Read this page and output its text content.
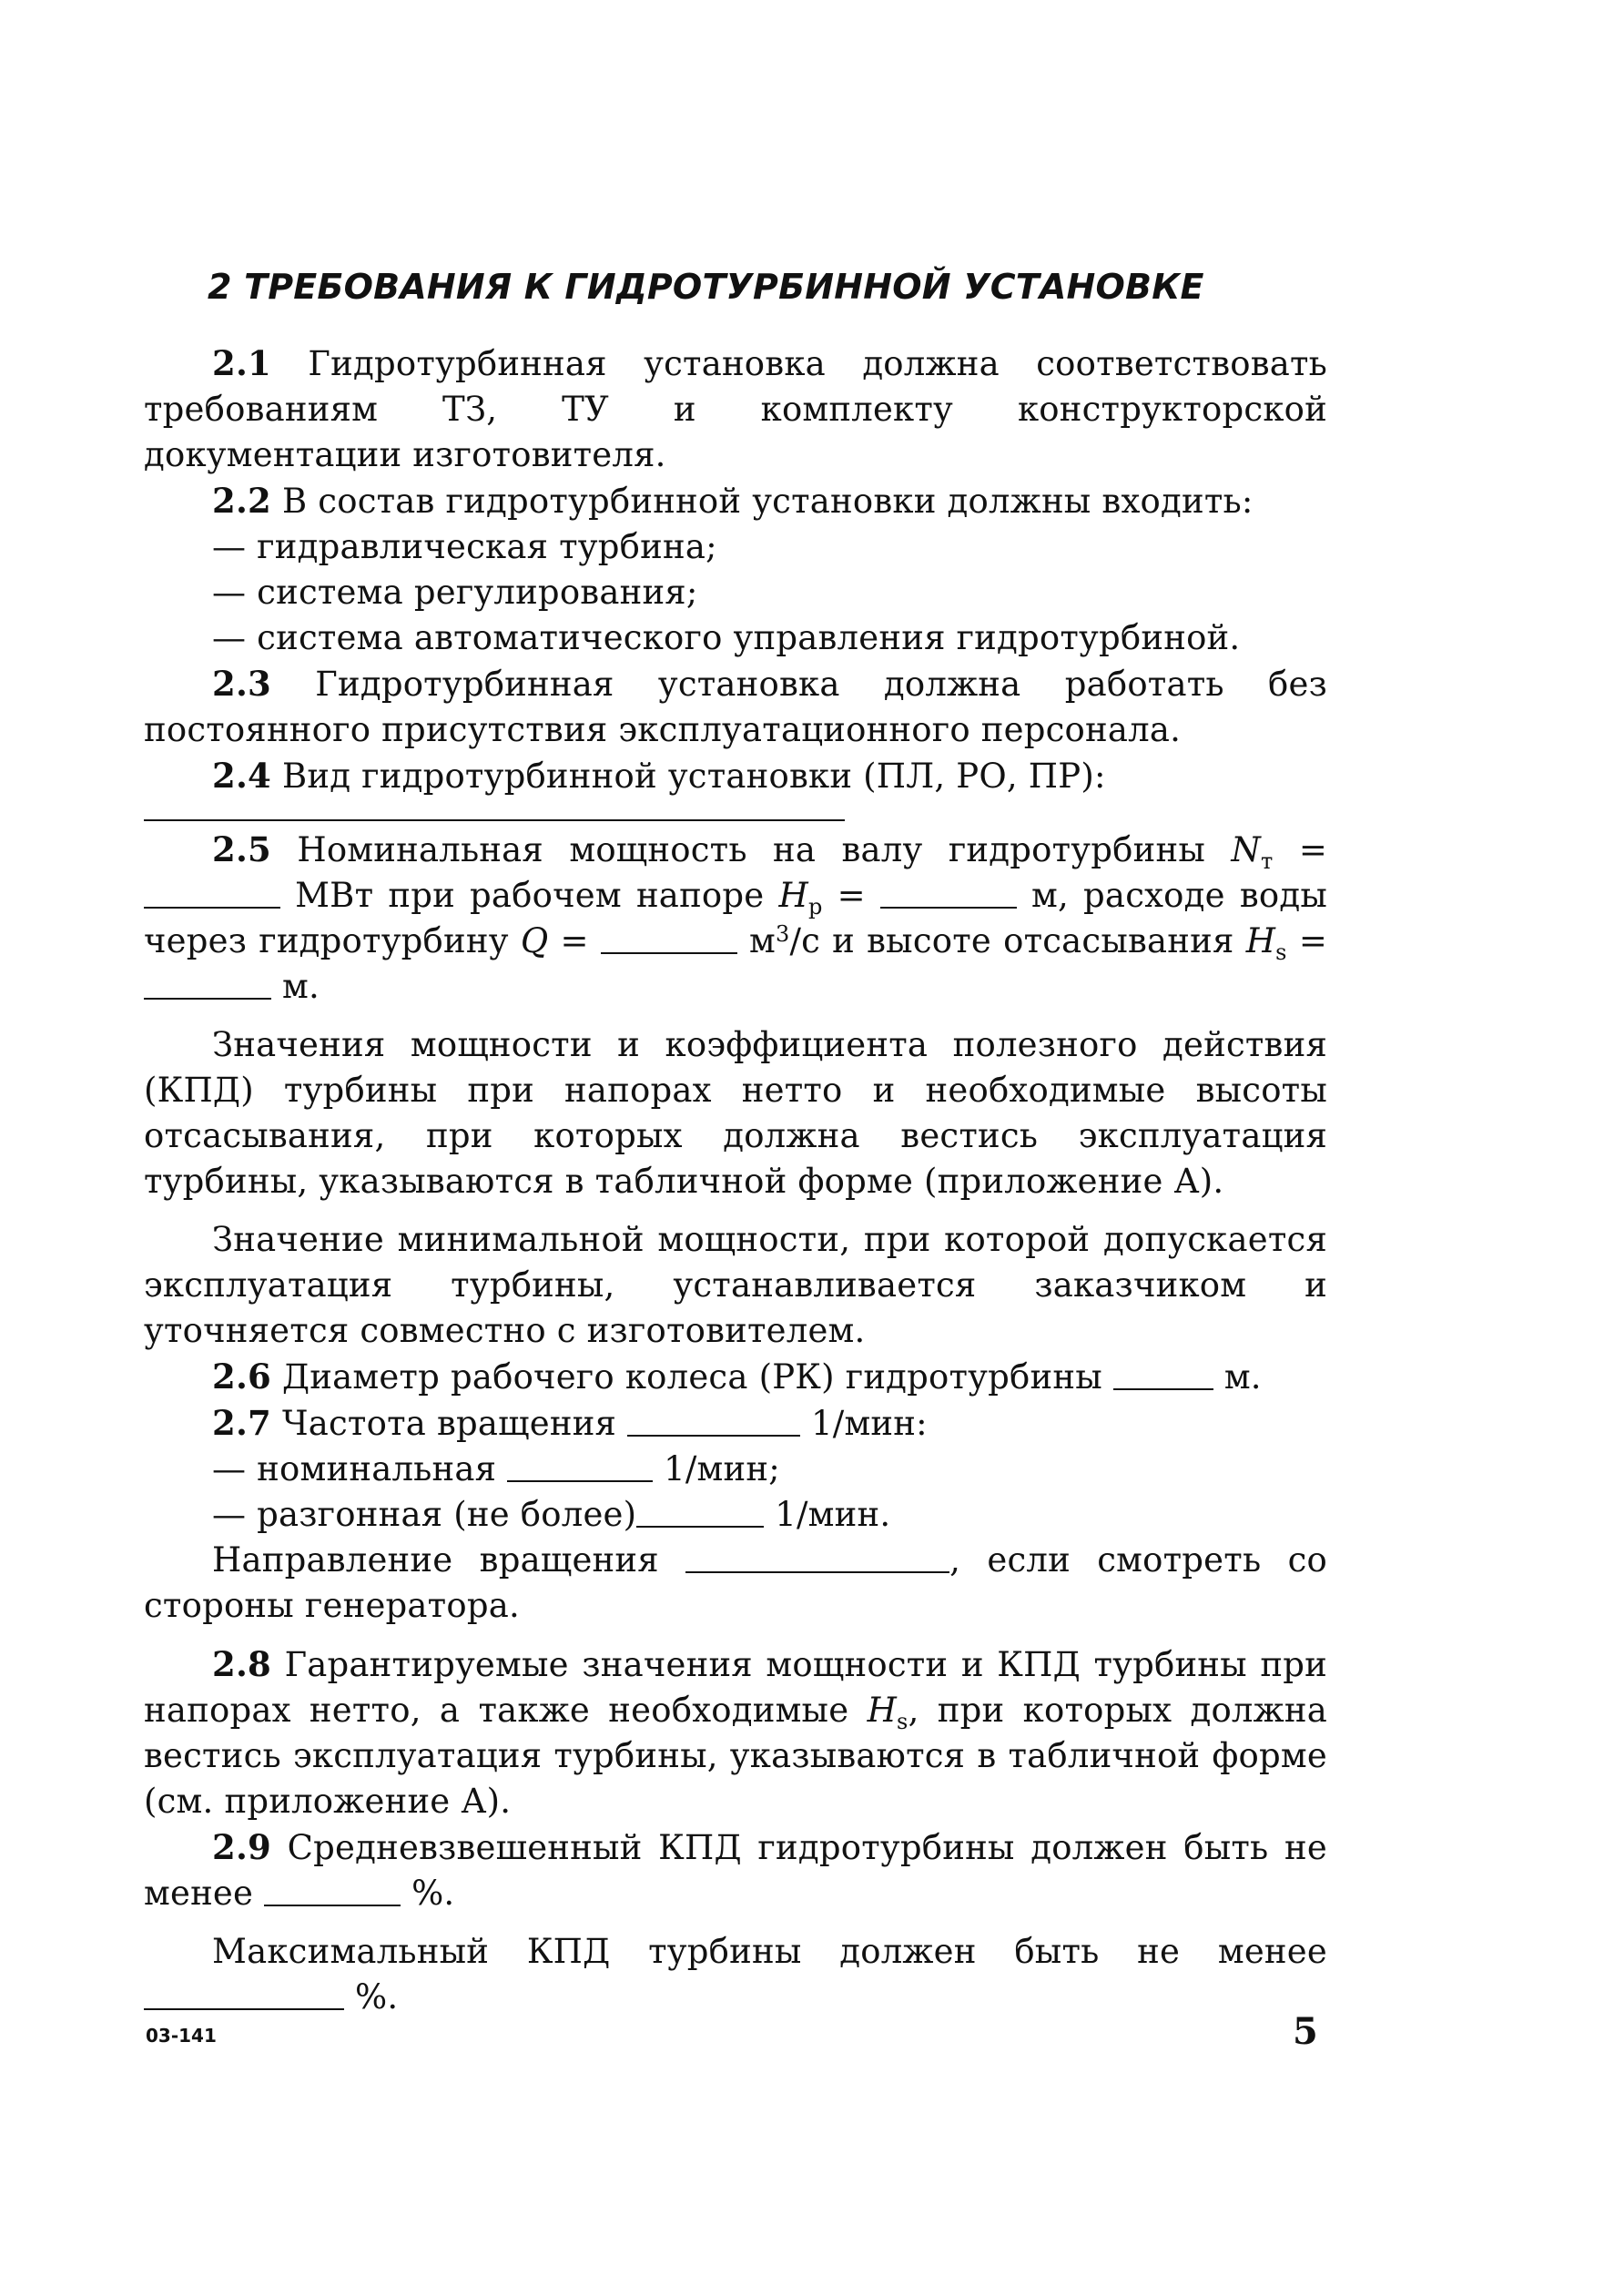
2 ТРЕБОВАНИЯ К ГИДРОТУРБИННОЙ УСТАНОВКЕ

2.1 Гидротурбинная установка должна соответствовать требованиям ТЗ, ТУ и комплекту конструкторской документации изготовителя.

2.2 В состав гидротурбинной установки должны входить:

— гидравлическая турбина;

— система регулирования;

— система автоматического управления гидротурбиной.

2.3 Гидротурбинная установка должна работать без постоянного присутствия эксплуатационного персонала.

2.4 Вид гидротурбинной установки (ПЛ, РО, ПР):

2.5 Номинальная мощность на валу гидротурбины $N_т$ =  МВт при рабочем напоре $H_р$ =	м, расходе воды через гидротурбину Q =	$м^3/с$ и высоте отсасывания $H_s = м$.

Значения мощности и коэффициента полезного действия (КПД) турбины при напорах нетто и необходимые высоты отсасывания, при которых должна вестись эксплуатация турбины, указываются в табличной форме (приложение А).

Значение минимальной мощности, при которой допускается эксплуатация турбины, устанавливается заказчиком и уточняется совместно с изготовителем.

2.6 Диаметр рабочего колеса (РК) гидротурбины	м.

2.7 Частота вращения	1/мин:

— номинальная	1/мин;

— разгонная (не более)	1/мин.

Направление вращения	, если смотреть со стороны генератора.

2.8 Гарантируемые значения мощности и КПД турбины при напорах нетто, а также необходимые $H_s$, при которых должна вестись эксплуатация турбины, указываются в табличной форме (см. приложение А).

2.9 Средневзвешенный КПД гидротурбины должен быть не менее	%.

Максимальный КПД турбины должен быть не менее  %.

03-141	5
